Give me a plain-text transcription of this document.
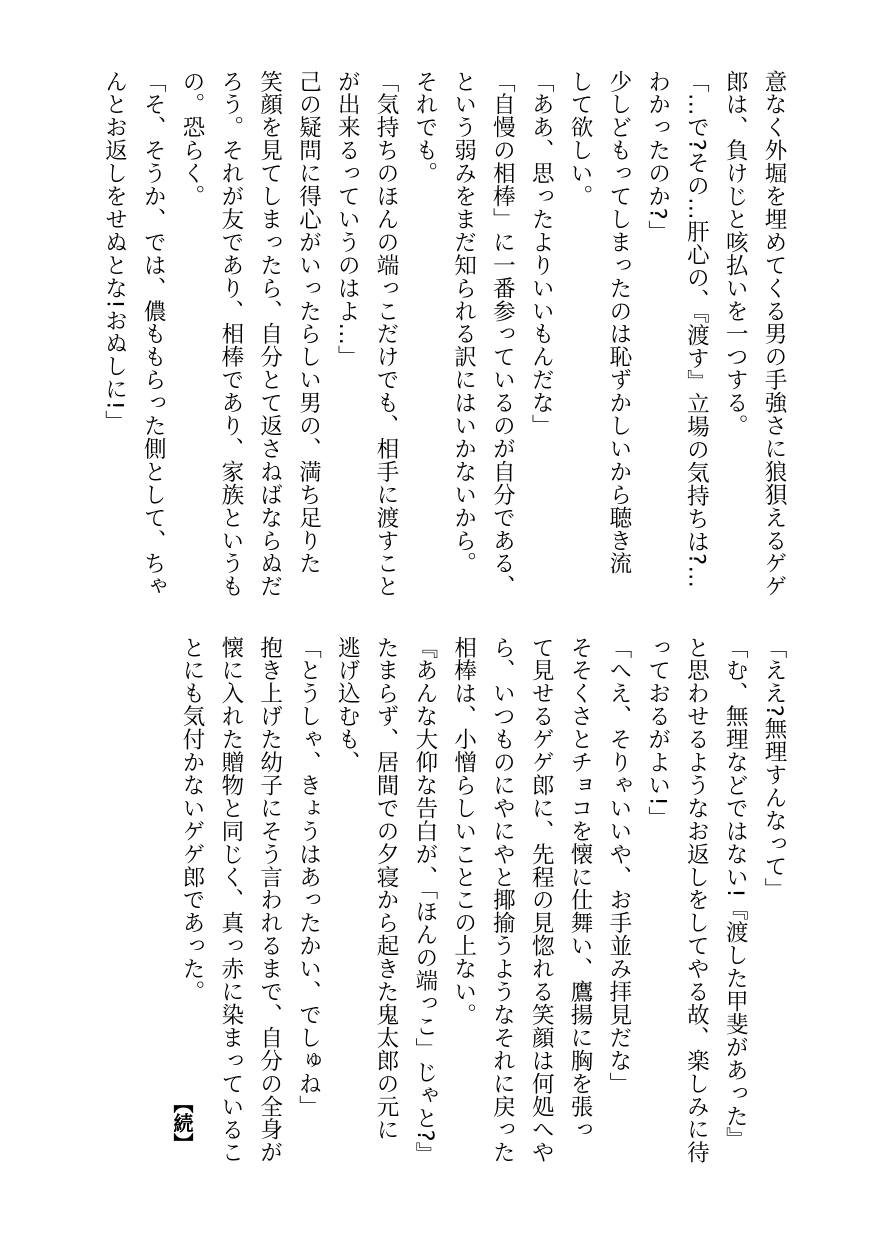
意なく外堀を埋めてくる男の手強さに狼狽えるゲゲ
郎は、負けじと咳払いを一つする。
「…で?その…肝心の、『渡す』立場の気持ちは?…
わかったのか?」
少しどもってしまったのは恥ずかしいから聴き流
して欲しい。
「ああ、思ったよりいいもんだな」
「自慢の相棒」に一番参っているのが自分である、
という弱みをまだ知られる訳にはいかないから。
それでも。
「気持ちのほんの端っこだけでも、相手に渡すこと
が出来るっていうのはよ…」
己の疑問に得心がいったらしい男の、満ち足りた
笑顔を見てしまったら、自分とて返さねばならぬだ
ろう。それが友であり、相棒であり、家族というも
の。恐らく。
「そ、そうか、では、儂ももらった側として、ちゃ
んとお返しをせぬとな!おぬしに!」
「ええ?無理すんなって」
「む、無理などではない!『渡した甲斐があった』
と思わせるようなお返しをしてやる故、楽しみに待
っておるがよい!」
「へえ、そりゃいいや、お手並み拝見だな」
そそくさとチョコを懐に仕舞い、鷹揚に胸を張っ
て見せるゲゲ郎に、先程の見惚れる笑顔は何処へや
ら、いつものにやにやと揶揄うようなそれに戻った
相棒は、小憎らしいことこの上ない。
『あんな大仰な告白が、「ほんの端っこ」じゃと?』
たまらず、居間での夕寝から起きた鬼太郎の元に
逃げ込むも、
「とうしゃ、きょうはあったかい、でしゅね」
抱き上げた幼子にそう言われるまで、自分の全身が
懐に入れた贈物と同じく、真っ赤に染まっているこ
とにも気付かないゲゲ郎であった。
【続】
